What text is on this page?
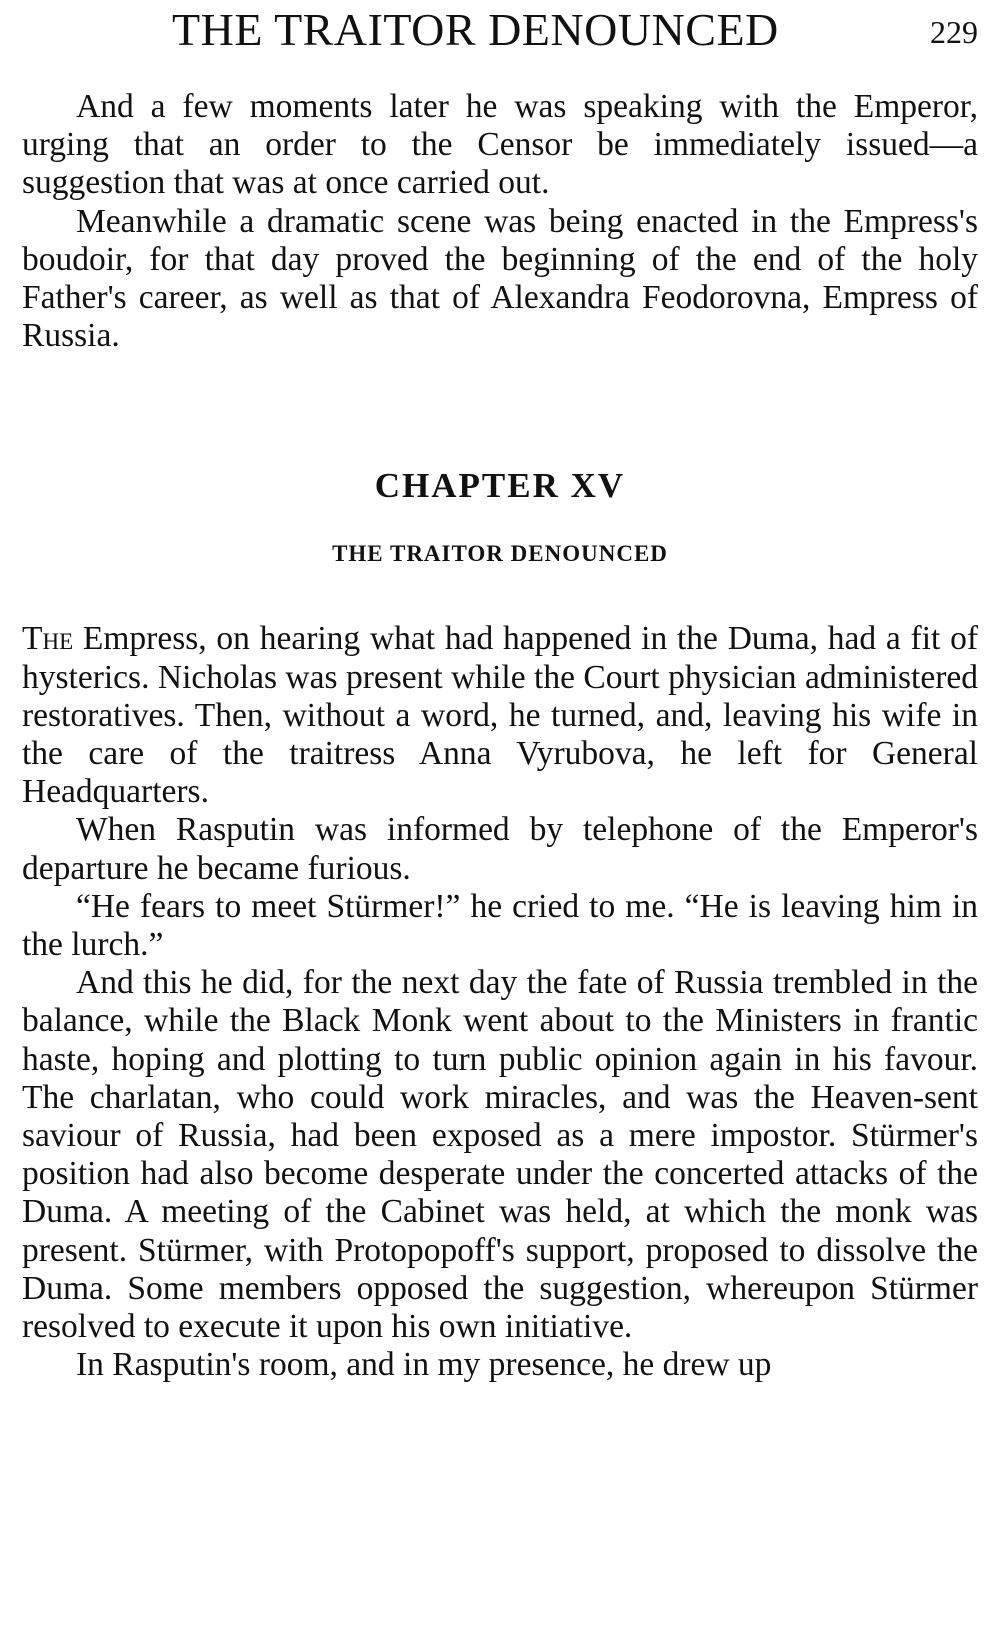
THE TRAITOR DENOUNCED	229

And a few moments later he was speaking with the Emperor, urging that an order to the Censor be immediately issued—a suggestion that was at once carried out.

Meanwhile a dramatic scene was being enacted in the Empress's boudoir, for that day proved the beginning of the end of the holy Father's career, as well as that of Alexandra Feodorovna, Empress of Russia.

CHAPTER XV
THE TRAITOR DENOUNCED

The Empress, on hearing what had happened in the Duma, had a fit of hysterics. Nicholas was present while the Court physician administered restoratives. Then, without a word, he turned, and, leaving his wife in the care of the traitress Anna Vyrubova, he left for General Headquarters.

When Rasputin was informed by telephone of the Emperor's departure he became furious.

“He fears to meet Stürmer!” he cried to me. “He is leaving him in the lurch.”

And this he did, for the next day the fate of Russia trembled in the balance, while the Black Monk went about to the Ministers in frantic haste, hoping and plotting to turn public opinion again in his favour. The charlatan, who could work miracles, and was the Heaven-sent saviour of Russia, had been exposed as a mere impostor. Stürmer's position had also become desperate under the concerted attacks of the Duma. A meeting of the Cabinet was held, at which the monk was present. Stürmer, with Protopopoff's support, proposed to dissolve the Duma. Some members opposed the suggestion, whereupon Stürmer resolved to execute it upon his own initiative.

In Rasputin's room, and in my presence, he drew up
